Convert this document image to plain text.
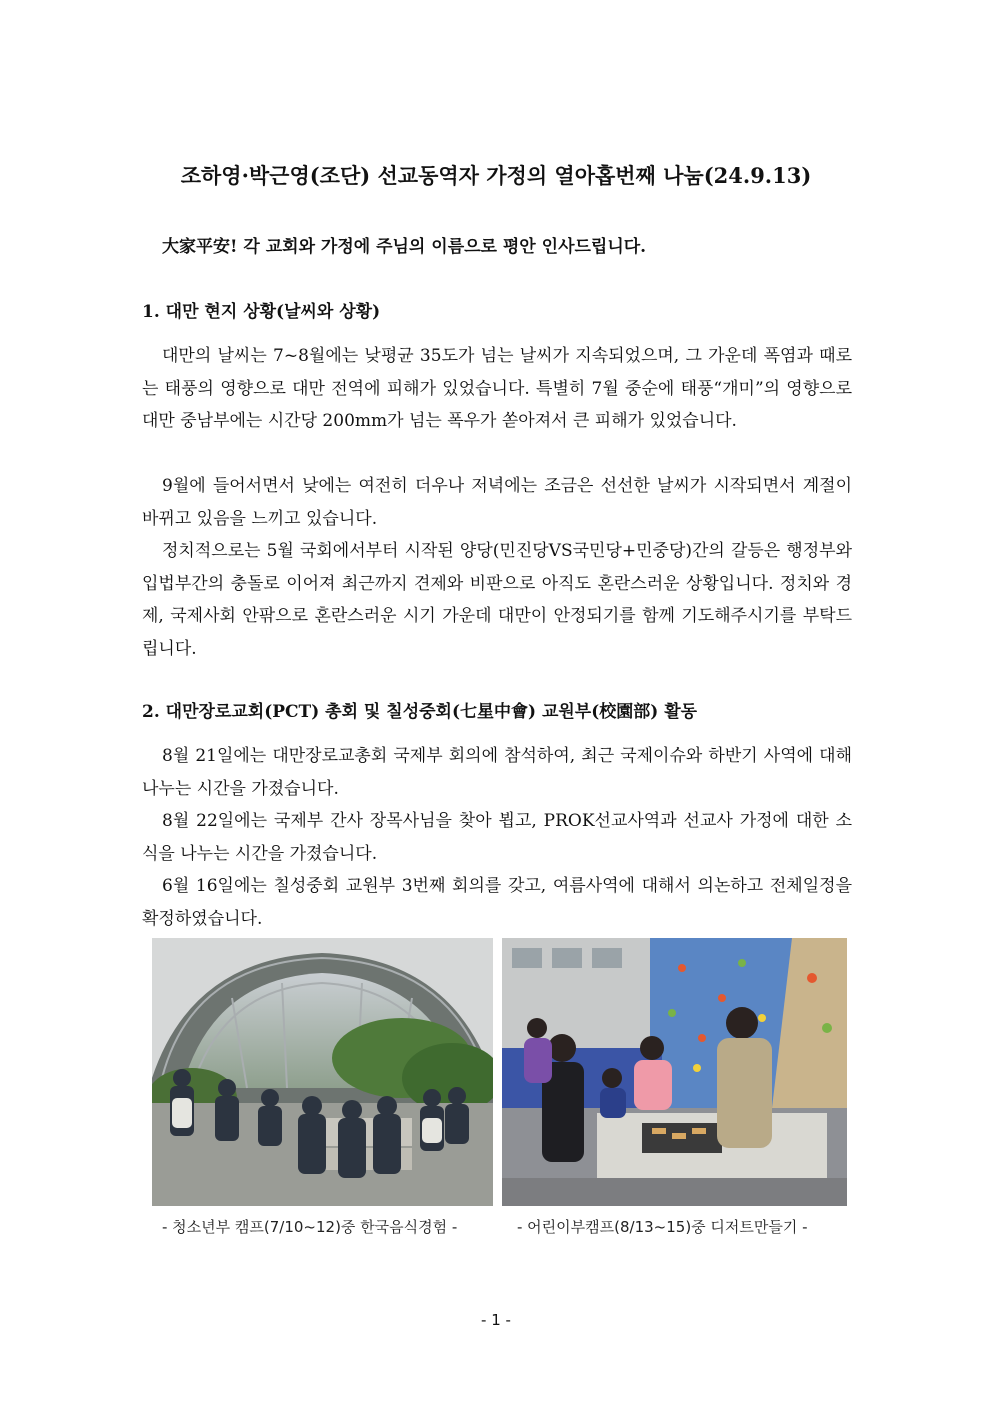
조하영·박근영(조단) 선교동역자 가정의 열아홉번째 나눔(24.9.13)
大家平安! 각 교회와 가정에 주님의 이름으로 평안 인사드립니다.
1. 대만 현지 상황(날씨와 상황)
대만의 날씨는 7~8월에는 낮평균 35도가 넘는 날씨가 지속되었으며, 그 가운데 폭염과 때로는 태풍의 영향으로 대만 전역에 피해가 있었습니다. 특별히 7월 중순에 태풍“개미”의 영향으로 대만 중남부에는 시간당 200mm가 넘는 폭우가 쏟아져서 큰 피해가 있었습니다.
9월에 들어서면서 낮에는 여전히 더우나 저녁에는 조금은 선선한 날씨가 시작되면서 계절이 바뀌고 있음을 느끼고 있습니다.
정치적으로는 5월 국회에서부터 시작된 양당(민진당VS국민당+민중당)간의 갈등은 행정부와 입법부간의 충돌로 이어져 최근까지 견제와 비판으로 아직도 혼란스러운 상황입니다. 정치와 경제, 국제사회 안팎으로 혼란스러운 시기 가운데 대만이 안정되기를 함께 기도해주시기를 부탁드립니다.
2. 대만장로교회(PCT) 총회 및 칠성중회(七星中會) 교원부(校園部) 활동
8월 21일에는 대만장로교총회 국제부 회의에 참석하여, 최근 국제이슈와 하반기 사역에 대해 나누는 시간을 가졌습니다.
8월 22일에는 국제부 간사 장목사님을 찾아 뵙고, PROK선교사역과 선교사 가정에 대한 소식을 나누는 시간을 가졌습니다.
6월 16일에는 칠성중회 교원부 3번째 회의를 갖고, 여름사역에 대해서 의논하고 전체일정을 확정하였습니다.
- 청소년부 캠프(7/10~12)중 한국음식경험 -	- 어린이부캠프(8/13~15)중 디저트만들기 -
- 1 -
